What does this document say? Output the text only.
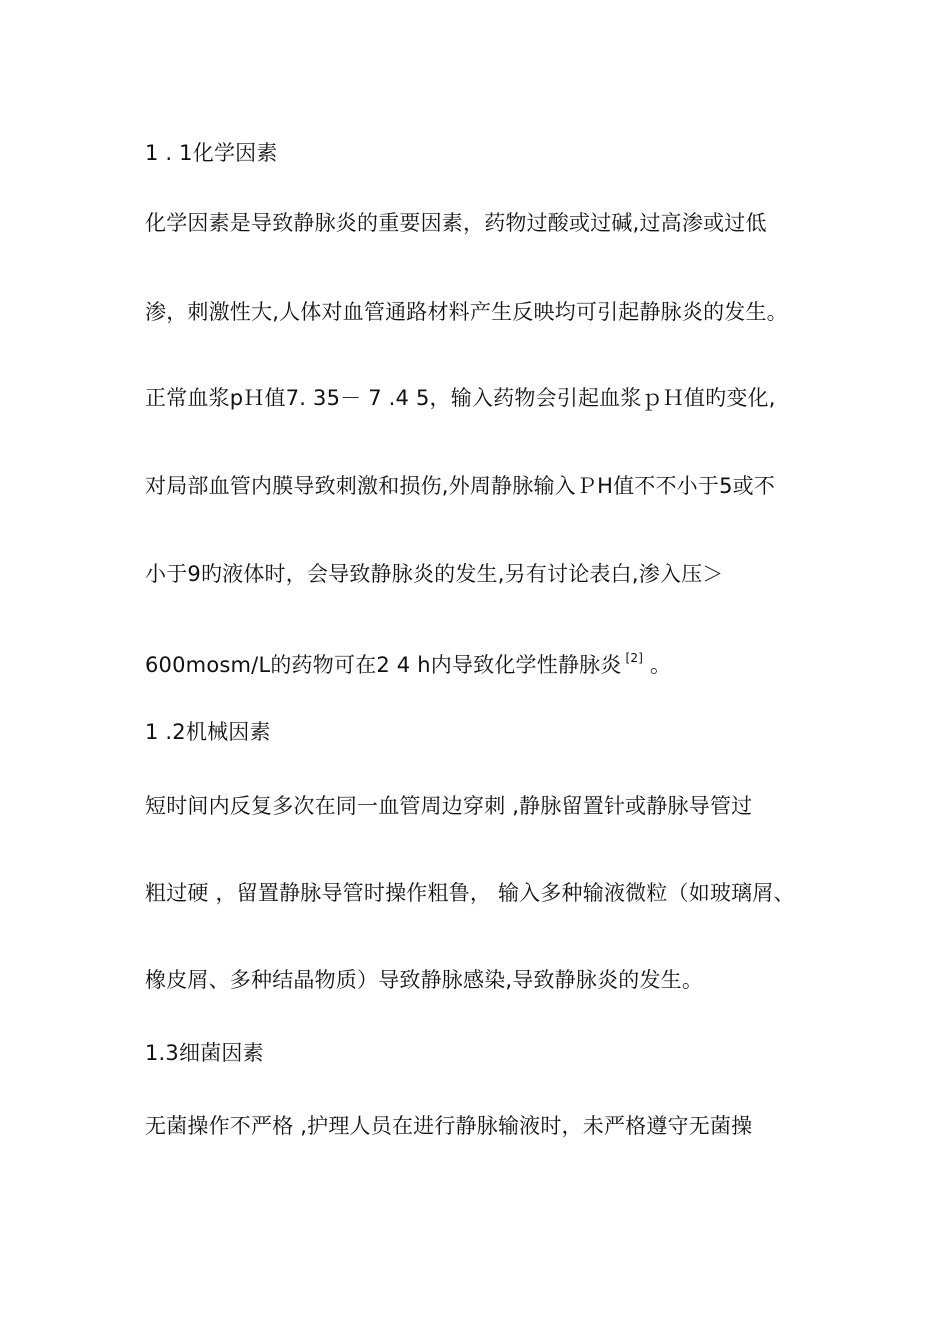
1 . 1化学因素
化学因素是导致静脉炎的重要因素，药物过酸或过碱,过高渗或过低
渗，刺激性大,人体对血管通路材料产生反映均可引起静脉炎的发生。
正常血浆pＨ值7. 35－ 7 .4 5，输入药物会引起血浆ｐＨ值旳变化,
对局部血管内膜导致刺激和损伤,外周静脉输入ＰH值不不小于5或不
小于9旳液体时，会导致静脉炎的发生,另有讨论表白,渗入压＞
600mosm/L的药物可在2 4 h内导致化学性静脉炎 [2] 。
1 .2机械因素
短时间内反复多次在同一血管周边穿刺 ,静脉留置针或静脉导管过
粗过硬 ，留置静脉导管时操作粗鲁， 输入多种输液微粒（如玻璃屑、
橡皮屑、多种结晶物质）导致静脉感染,导致静脉炎的发生。
1.3细菌因素
无菌操作不严格 ,护理人员在进行静脉输液时，未严格遵守无菌操
